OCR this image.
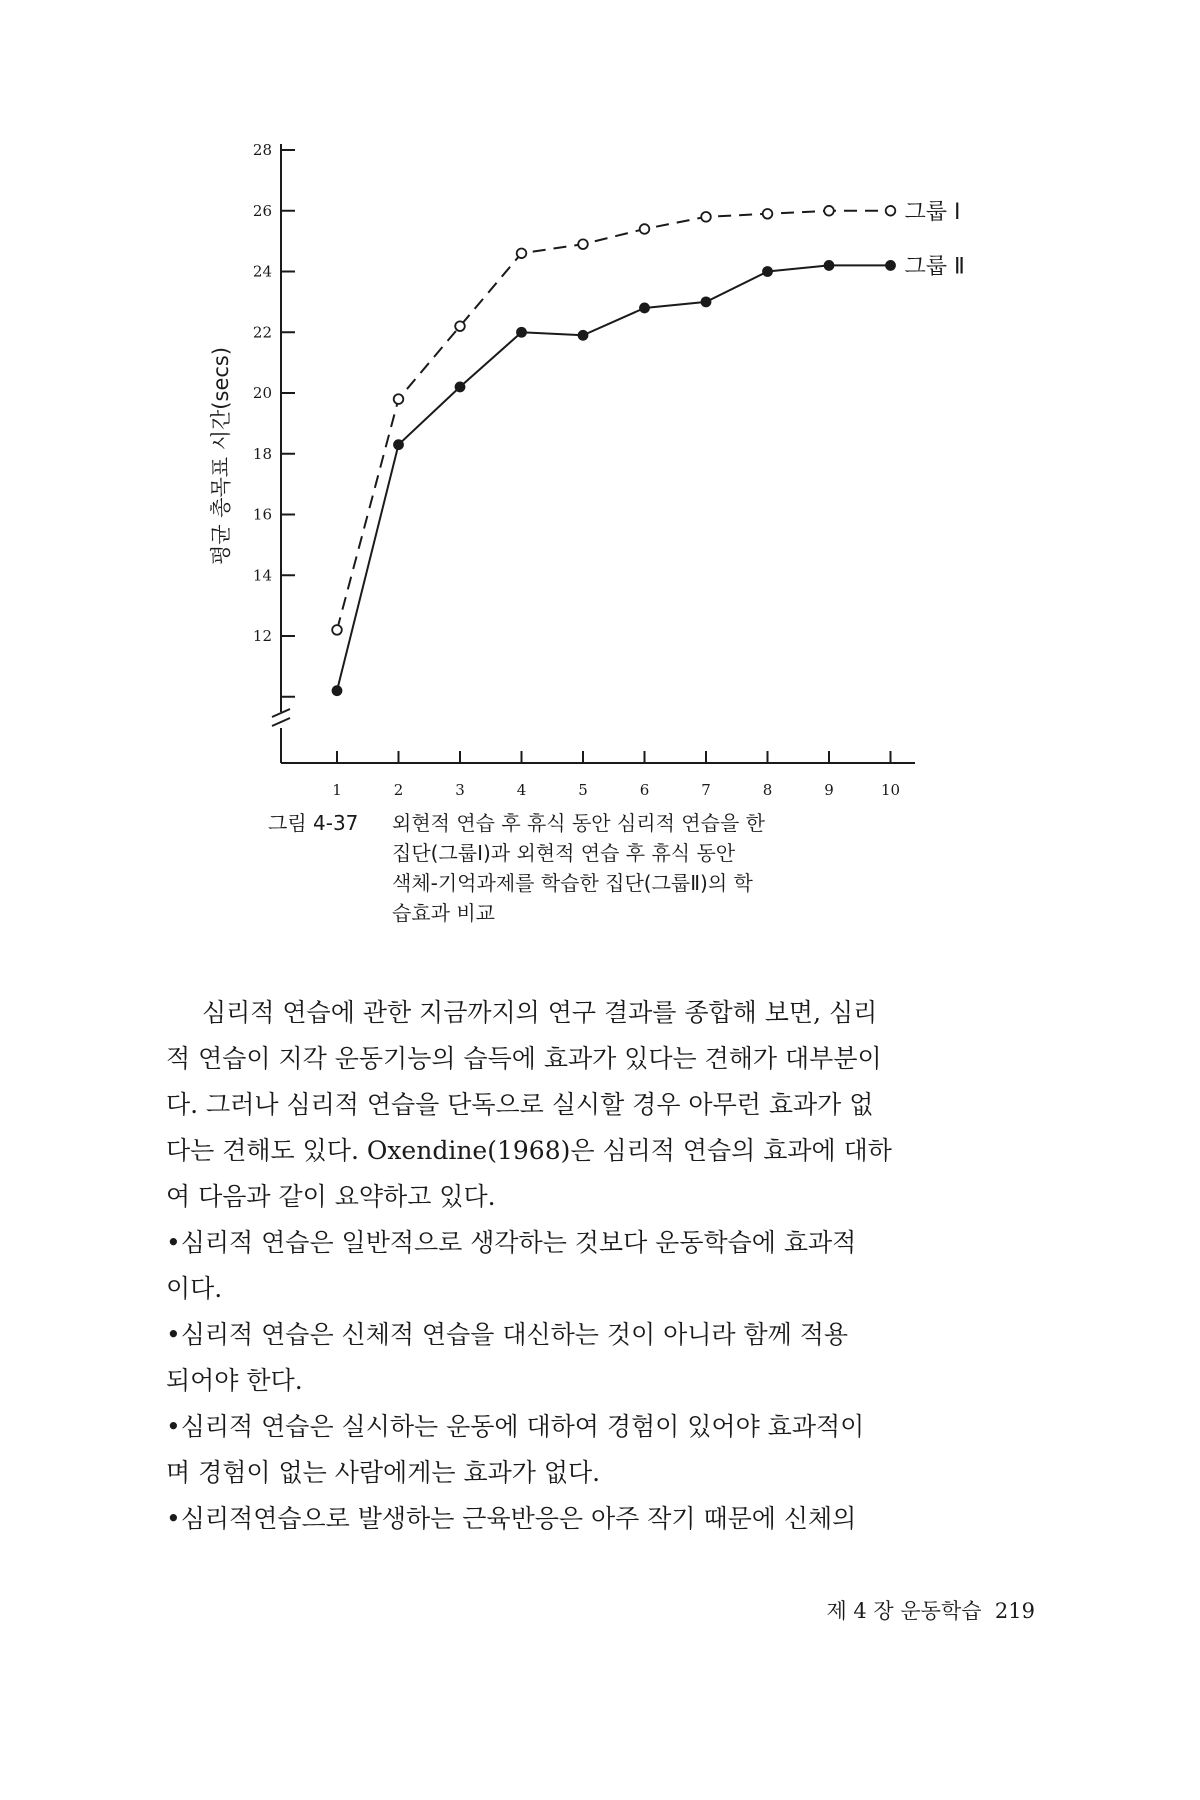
28
26
24
22
20
18
16
14
12
1	2	3	4	5	6	7	8	9	10
그룹 Ⅰ
그룹 Ⅱ
평균 총목표 시간(secs)
그림 4-37	외현적 연습 후 휴식 동안 심리적 연습을 한
집단(그룹Ⅰ)과 외현적 연습 후 휴식 동안
색체-기억과제를 학습한 집단(그룹Ⅱ)의 학
습효과 비교
심리적 연습에 관한 지금까지의 연구 결과를 종합해 보면, 심리
적 연습이 지각 운동기능의 습득에 효과가 있다는 견해가 대부분이
다. 그러나 심리적 연습을 단독으로 실시할 경우 아무런 효과가 없
다는 견해도 있다. Oxendine(1968)은 심리적 연습의 효과에 대하
여 다음과 같이 요약하고 있다.
•심리적 연습은 일반적으로 생각하는 것보다 운동학습에 효과적
이다.
•심리적 연습은 신체적 연습을 대신하는 것이 아니라 함께 적용
되어야 한다.
•심리적 연습은 실시하는 운동에 대하여 경험이 있어야 효과적이
며 경험이 없는 사람에게는 효과가 없다.
•심리적연습으로 발생하는 근육반응은 아주 작기 때문에 신체의
제 4 장 운동학습 219
